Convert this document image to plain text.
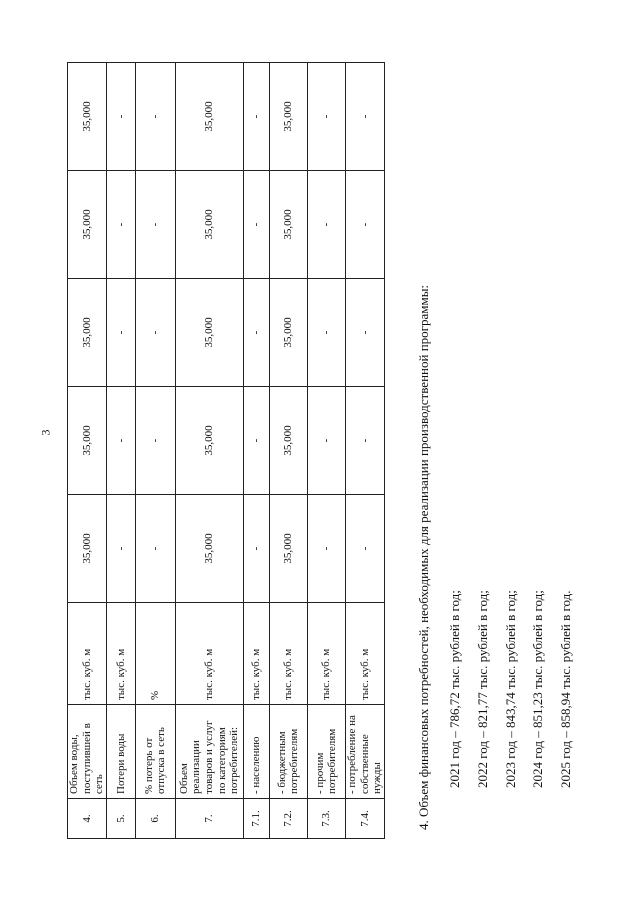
3
4.	Объем воды, поступившей в сеть	тыс. куб. м	35,000	35,000	35,000	35,000	35,000
5.	Потери воды	тыс. куб. м	-	-	-	-	-
6.	% потерь от отпуска в сеть	%	-	-	-	-	-
7.	Объем реализации товаров и услуг по категориям потребителей:	тыс. куб. м	35,000	35,000	35,000	35,000	35,000
7.1.	- населению	тыс. куб. м	-	-	-	-	-
7.2.	- бюджетным потребителям	тыс. куб. м	35,000	35,000	35,000	35,000	35,000
7.3.	- прочим потребителям	тыс. куб. м	-	-	-	-	-
7.4.	- потребление на собственные нужды	тыс. куб. м	-	-	-	-	-
4. Объем финансовых потребностей, необходимых для реализации производственной программы: 2021 год – 786,72 тыс. рублей в год; 2022 год – 821,77 тыс. рублей в год; 2023 год – 843,74 тыс. рублей в год; 2024 год – 851,23 тыс. рублей в год; 2025 год – 858,94 тыс. рублей в год.
